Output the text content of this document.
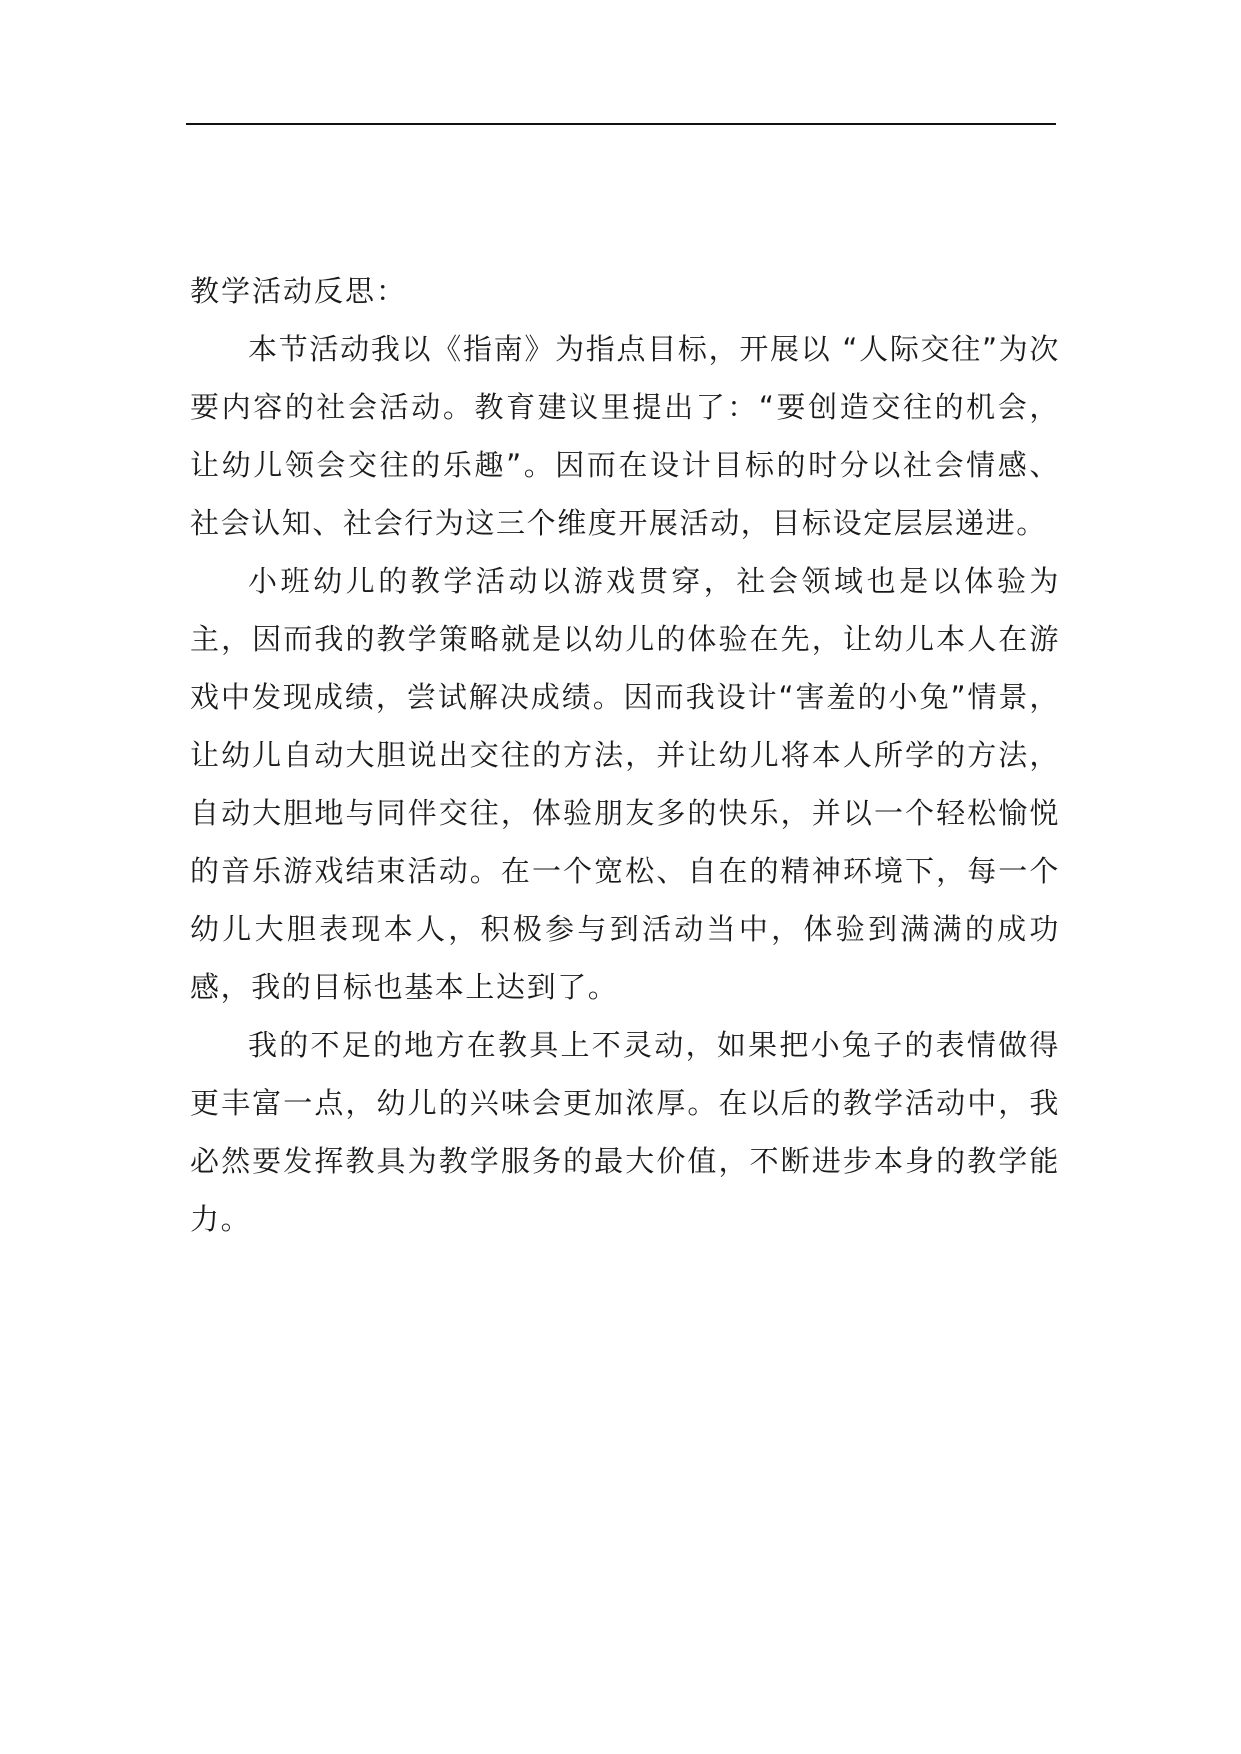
教学活动反思：

本节活动我以《指南》为指点目标，开展以 “人际交往”为次要内容的社会活动。教育建议里提出了：“要创造交往的机会，让幼儿领会交往的乐趣”。因而在设计目标的时分以社会情感、社会认知、社会行为这三个维度开展活动，目标设定层层递进。

小班幼儿的教学活动以游戏贯穿，社会领域也是以体验为主，因而我的教学策略就是以幼儿的体验在先，让幼儿本人在游戏中发现成绩，尝试解决成绩。因而我设计“害羞的小兔”情景，让幼儿自动大胆说出交往的方法，并让幼儿将本人所学的方法，自动大胆地与同伴交往，体验朋友多的快乐，并以一个轻松愉悦的音乐游戏结束活动。在一个宽松、自在的精神环境下，每一个幼儿大胆表现本人，积极参与到活动当中，体验到满满的成功感，我的目标也基本上达到了。

我的不足的地方在教具上不灵动，如果把小兔子的表情做得更丰富一点，幼儿的兴味会更加浓厚。在以后的教学活动中，我必然要发挥教具为教学服务的最大价值，不断进步本身的教学能力。
